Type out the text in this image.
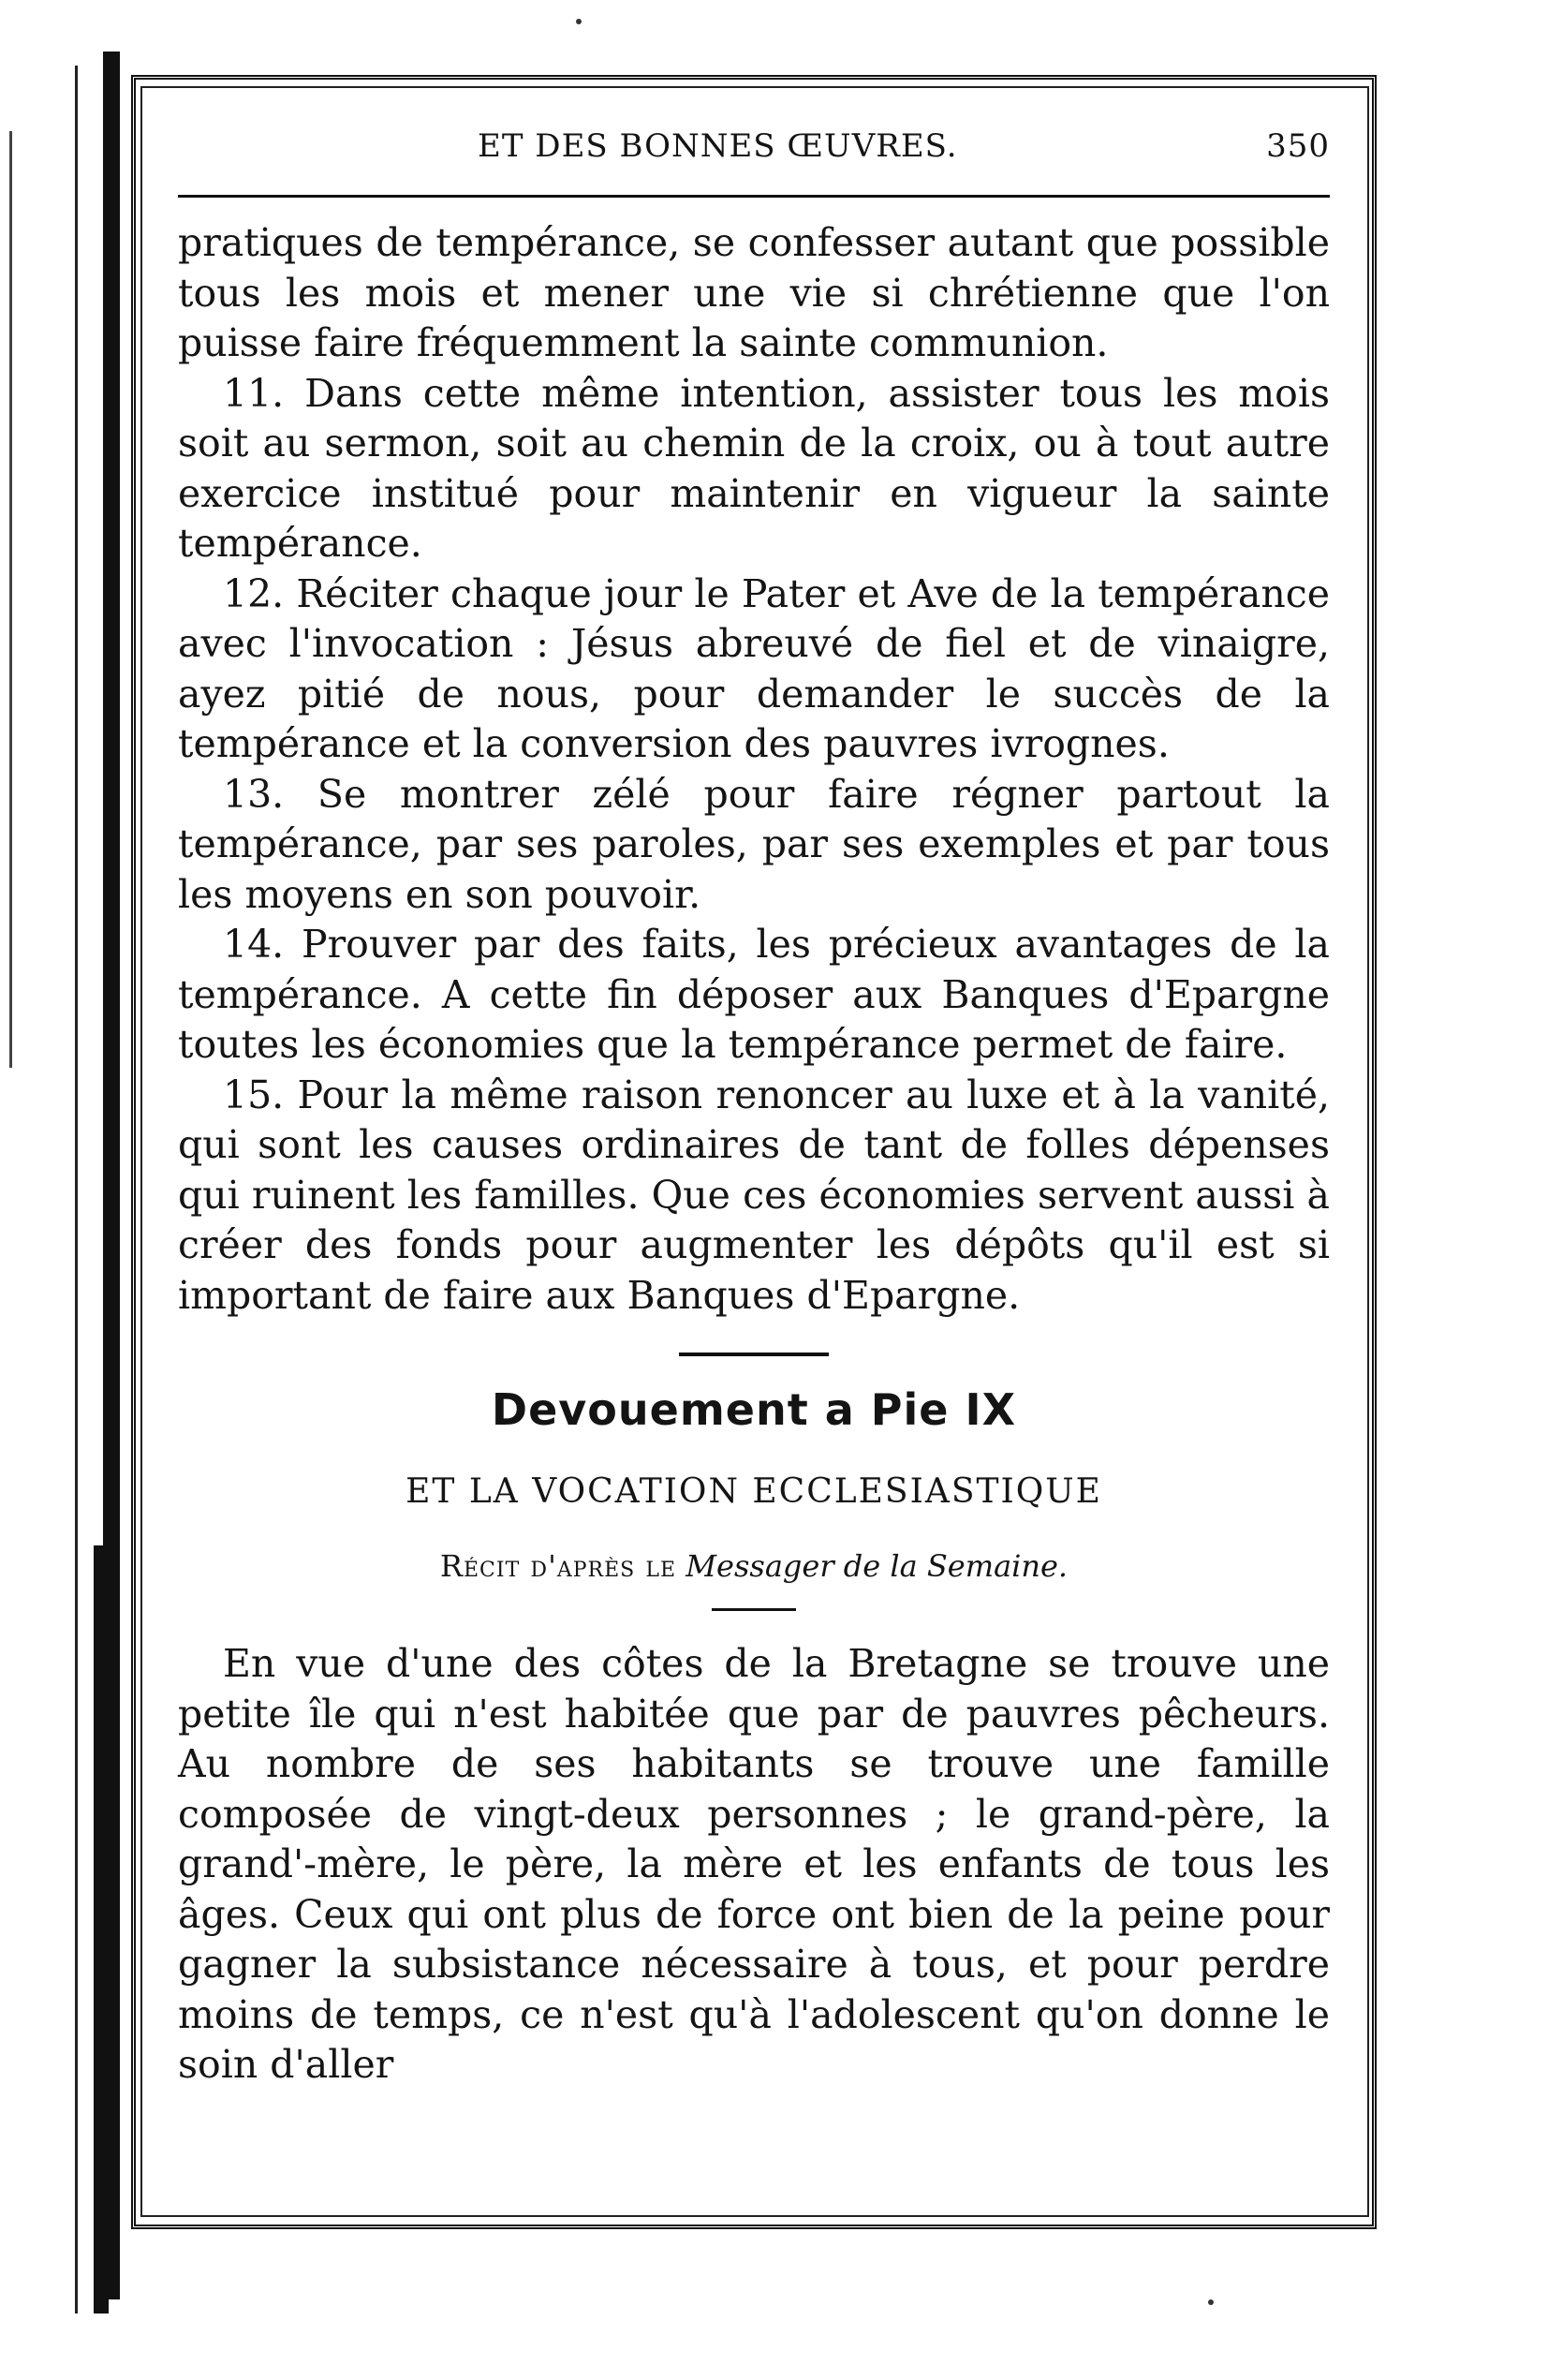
ET DES BONNES ŒUVRES.	350

pratiques de tempérance, se confesser autant que possible tous les mois et mener une vie si chrétienne que l'on puisse faire fréquemment la sainte communion.

11. Dans cette même intention, assister tous les mois soit au sermon, soit au chemin de la croix, ou à tout autre exercice institué pour maintenir en vigueur la sainte tempérance.

12. Réciter chaque jour le Pater et Ave de la tempérance avec l'invocation : Jésus abreuvé de fiel et de vinaigre, ayez pitié de nous, pour demander le succès de la tempérance et la conversion des pauvres ivrognes.

13. Se montrer zélé pour faire régner partout la tempérance, par ses paroles, par ses exemples et par tous les moyens en son pouvoir.

14. Prouver par des faits, les précieux avantages de la tempérance. A cette fin déposer aux Banques d'Epargne toutes les économies que la tempérance permet de faire.

15. Pour la même raison renoncer au luxe et à la vanité, qui sont les causes ordinaires de tant de folles dépenses qui ruinent les familles. Que ces économies servent aussi à créer des fonds pour augmenter les dépôts qu'il est si important de faire aux Banques d'Epargne.

Devouement a Pie IX
ET LA VOCATION ECCLESIASTIQUE
Récit d'après le Messager de la Semaine.

En vue d'une des côtes de la Bretagne se trouve une petite île qui n'est habitée que par de pauvres pêcheurs. Au nombre de ses habitants se trouve une famille composée de vingt-deux personnes ; le grand-père, la grand'-mère, le père, la mère et les enfants de tous les âges. Ceux qui ont plus de force ont bien de la peine pour gagner la subsistance nécessaire à tous, et pour perdre moins de temps, ce n'est qu'à l'adolescent qu'on donne le soin d'aller
